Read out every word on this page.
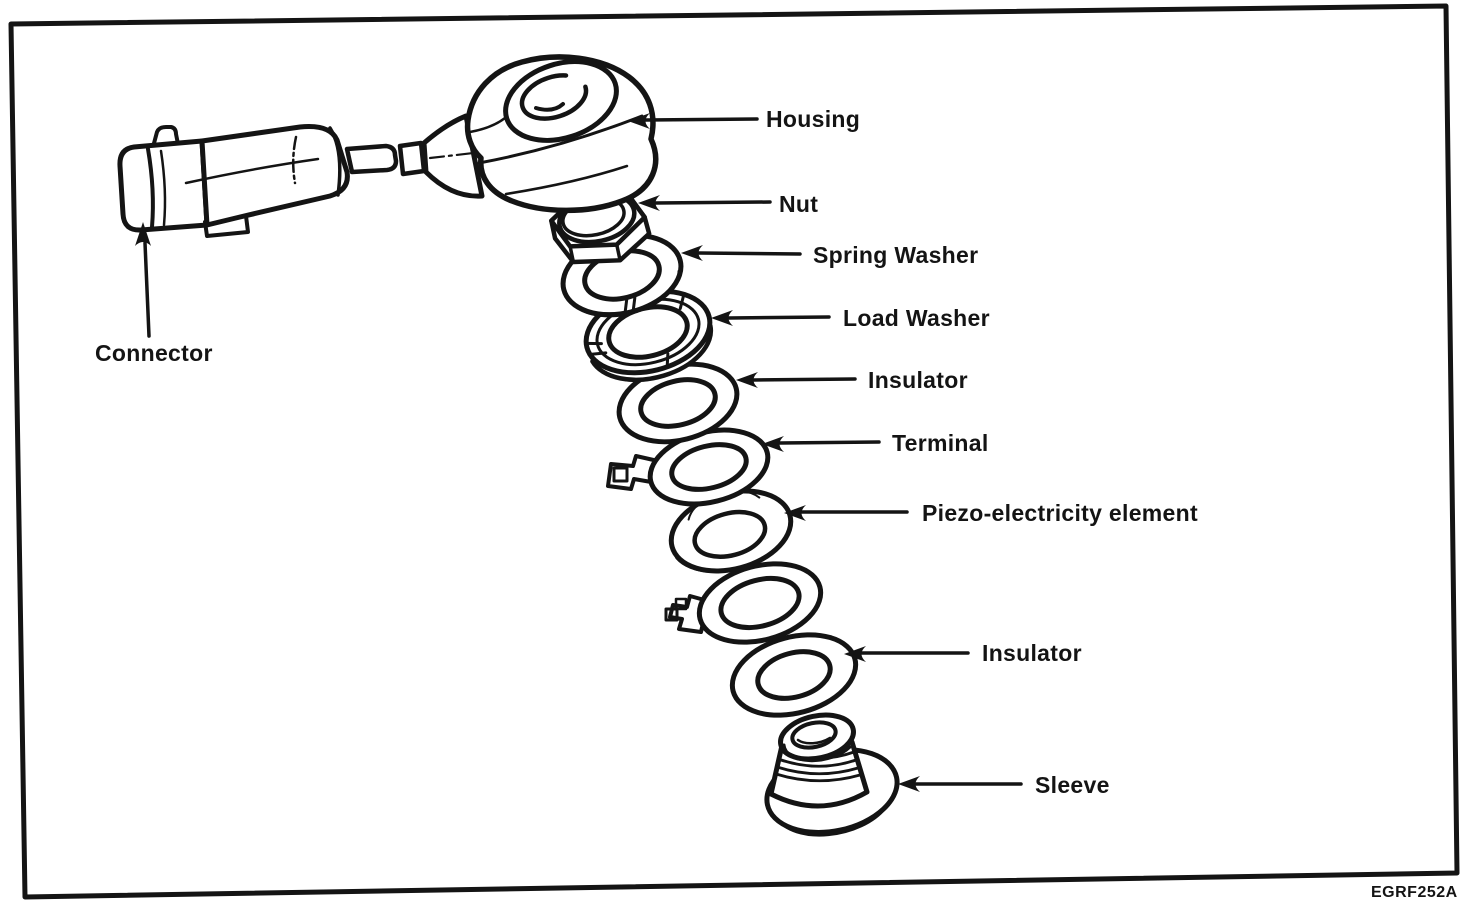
Connector
Housing
Nut
Spring Washer
Load Washer
Insulator
Terminal
Piezo-electricity element
Insulator
Sleeve
EGRF252A
